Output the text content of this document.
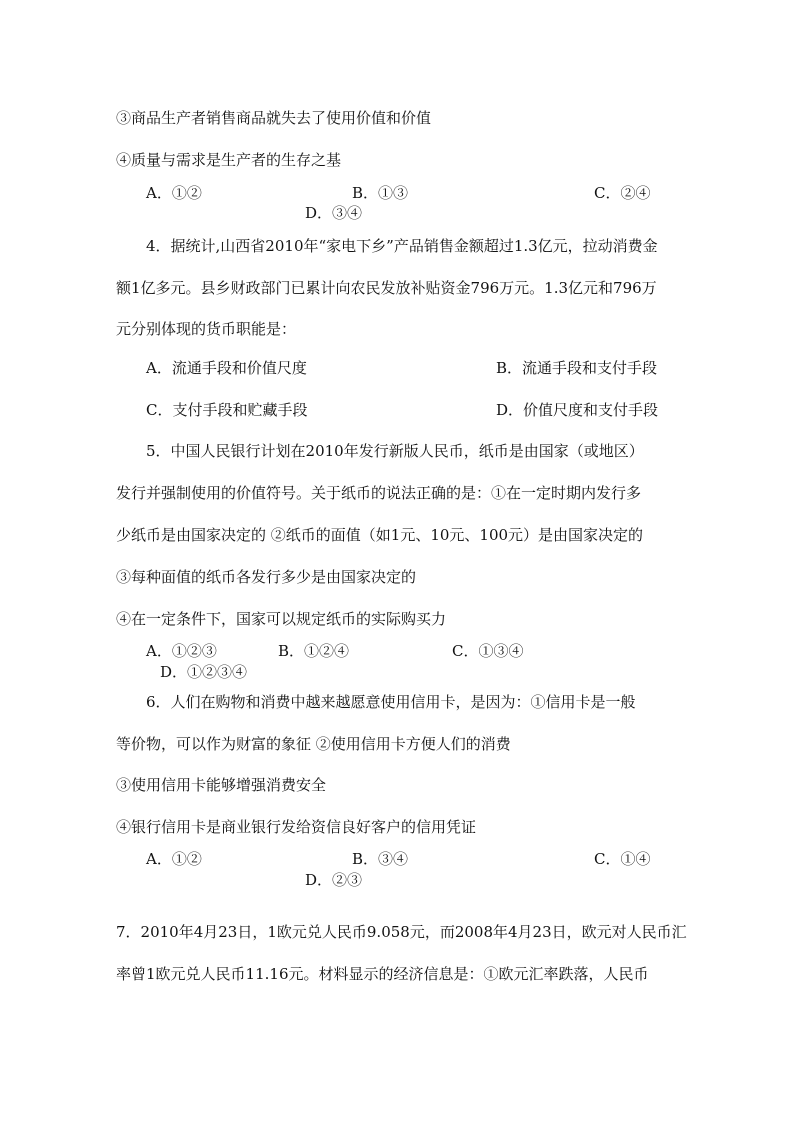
③商品生产者销售商品就失去了使用价值和价值
④质量与需求是生产者的生存之基
A．①②	B．①③	C．②④
D．③④
4．据统计,山西省2010年“家电下乡”产品销售金额超过1.3亿元，拉动消费金
额1亿多元。县乡财政部门已累计向农民发放补贴资金796万元。1.3亿元和796万
元分别体现的货币职能是：
A．流通手段和价值尺度	B．流通手段和支付手段
C．支付手段和贮藏手段	D．价值尺度和支付手段
5．中国人民银行计划在2010年发行新版人民币，纸币是由国家（或地区）
发行并强制使用的价值符号。关于纸币的说法正确的是：①在一定时期内发行多
少纸币是由国家决定的 ②纸币的面值（如1元、10元、100元）是由国家决定的
③每种面值的纸币各发行多少是由国家决定的
④在一定条件下，国家可以规定纸币的实际购买力
A．①②③	B．①②④	C．①③④
D．①②③④
6．人们在购物和消费中越来越愿意使用信用卡，是因为：①信用卡是一般
等价物，可以作为财富的象征 ②使用信用卡方便人们的消费
③使用信用卡能够增强消费安全
④银行信用卡是商业银行发给资信良好客户的信用凭证
A．①②	B．③④	C．①④
D．②③
7．2010年4月23日，1欧元兑人民币9.058元，而2008年4月23日，欧元对人民币汇
率曾1欧元兑人民币11.16元。材料显示的经济信息是：①欧元汇率跌落，人民币
